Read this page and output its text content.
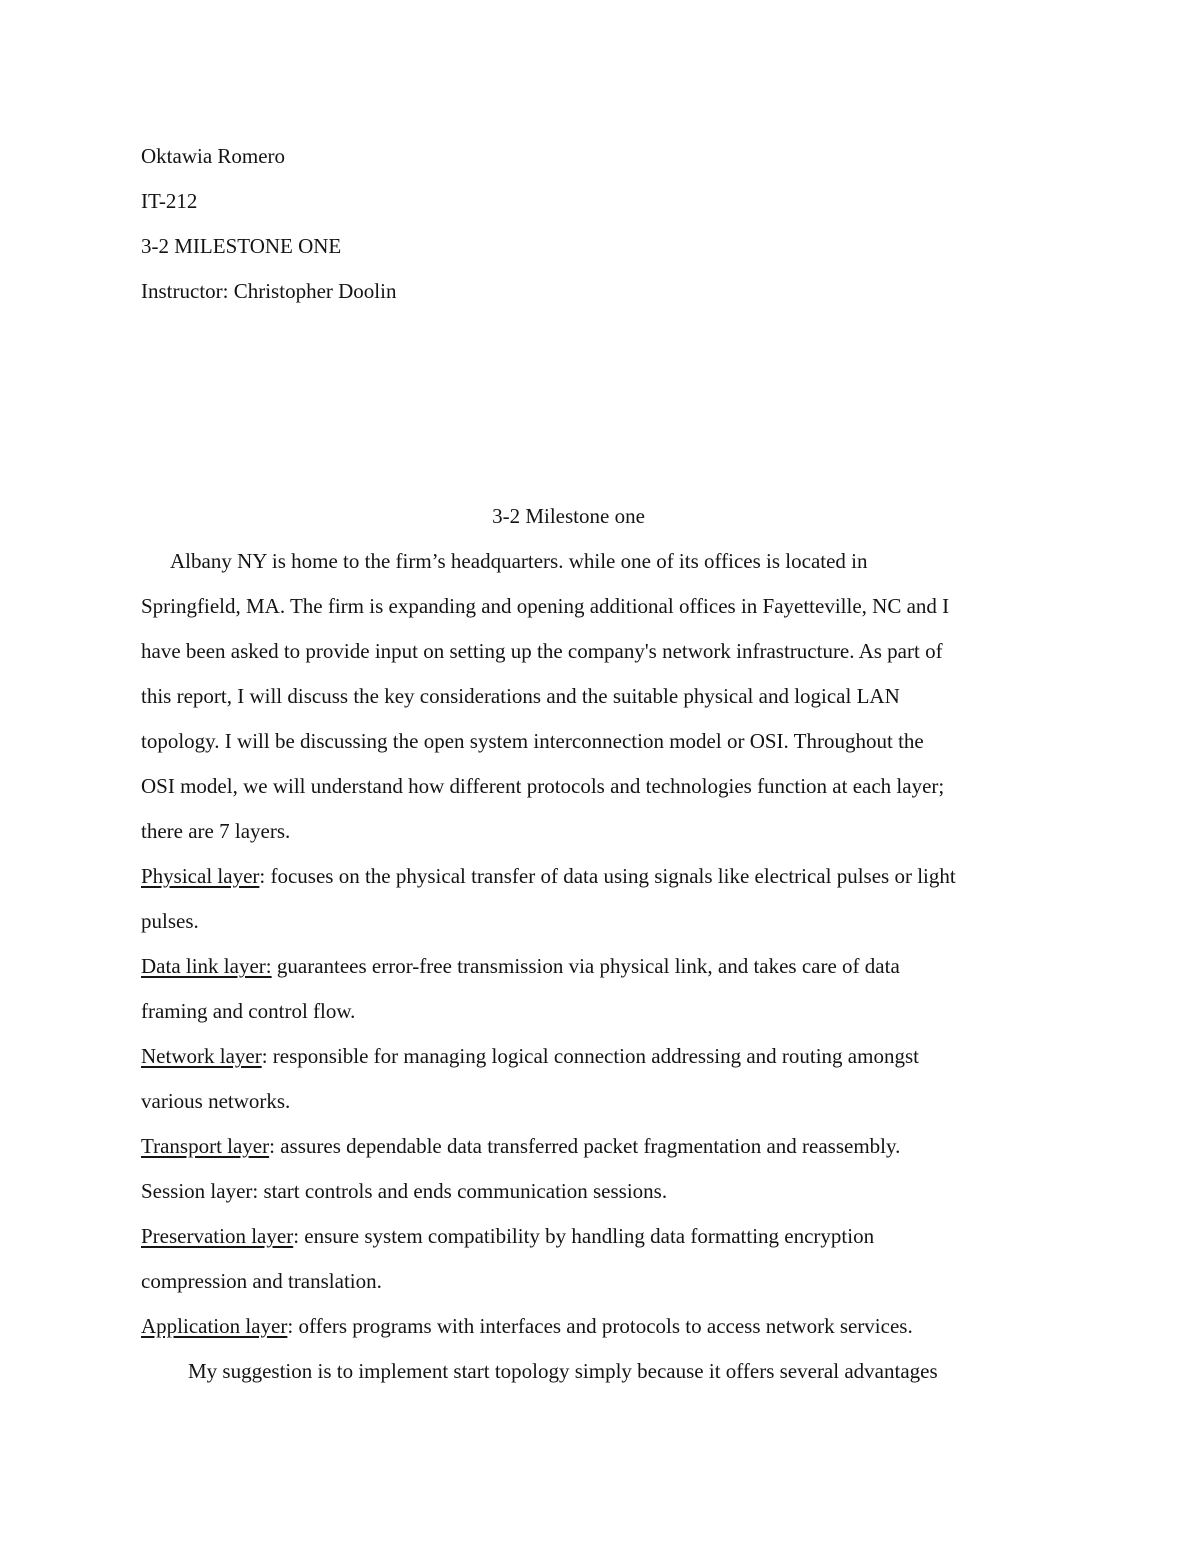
Oktawia Romero
IT-212
3-2 MILESTONE ONE
Instructor: Christopher Doolin
3-2 Milestone one
Albany NY is home to the firm’s headquarters. while one of its offices is located in
Springfield, MA. The firm is expanding and opening additional offices in Fayetteville, NC and I
have been asked to provide input on setting up the company's network infrastructure. As part of
this report, I will discuss the key considerations and the suitable physical and logical LAN
topology. I will be discussing the open system interconnection model or OSI. Throughout the
OSI model, we will understand how different protocols and technologies function at each layer;
there are 7 layers.
Physical layer: focuses on the physical transfer of data using signals like electrical pulses or light
pulses.
Data link layer: guarantees error-free transmission via physical link, and takes care of data
framing and control flow.
Network layer: responsible for managing logical connection addressing and routing amongst
various networks.
Transport layer: assures dependable data transferred packet fragmentation and reassembly.
Session layer: start controls and ends communication sessions.
Preservation layer: ensure system compatibility by handling data formatting encryption
compression and translation.
Application layer: offers programs with interfaces and protocols to access network services.
My suggestion is to implement start topology simply because it offers several advantages
